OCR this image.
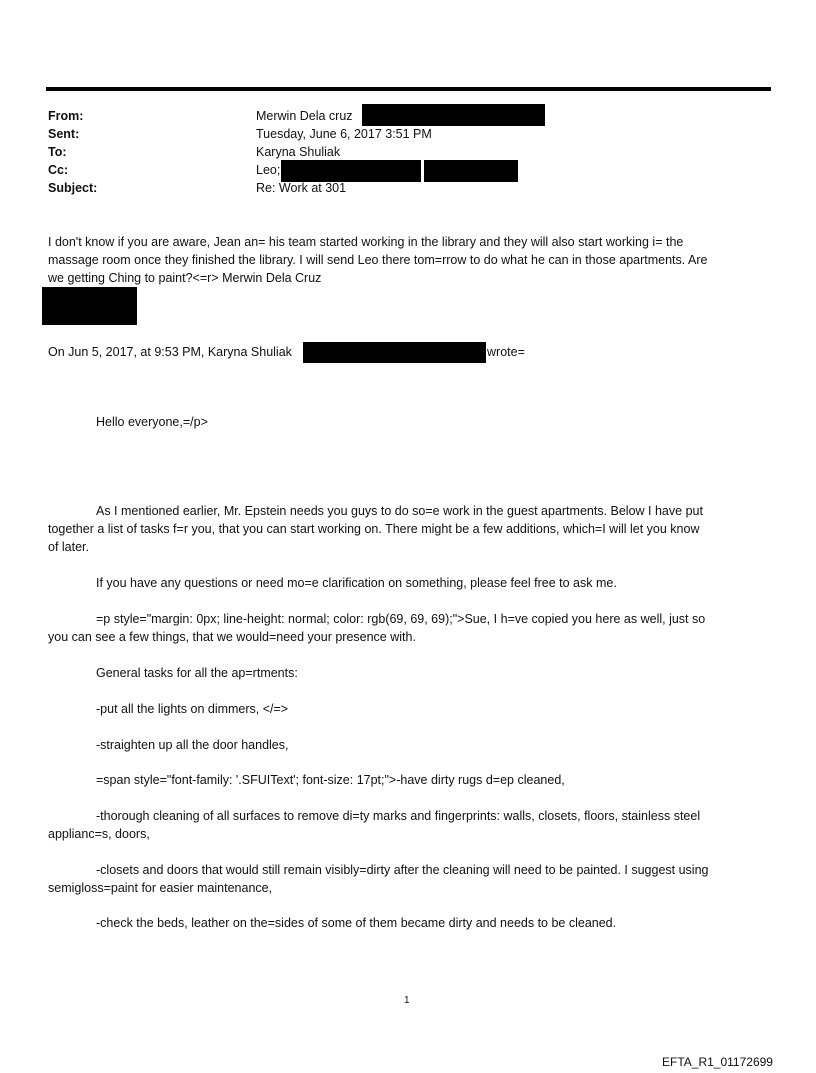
From:	Merwin Dela cruz
Sent:	Tuesday, June 6, 2017 3:51 PM
To:	Karyna Shuliak
Cc:	Leo;
Subject:	Re: Work at 301
I don't know if you are aware, Jean an= his team started working in the library and they will also start working i= the
massage room once they finished the library. I will send Leo there tom=rrow to do what he can in those apartments. Are
we getting Ching to paint?<=r> Merwin Dela Cruz
On Jun 5, 2017, at 9:53 PM, Karyna Shuliak	wrote=
Hello everyone,=/p>
As I mentioned earlier, Mr. Epstein needs you guys to do so=e work in the guest apartments. Below I have put
together a list of tasks f=r you, that you can start working on. There might be a few additions, which=I will let you know
of later.
If you have any questions or need mo=e clarification on something, please feel free to ask me.
=p style="margin: 0px; line-height: normal; color: rgb(69, 69, 69);">Sue, I h=ve copied you here as well, just so
you can see a few things, that we would=need your presence with.
General tasks for all the ap=rtments:
-put all the lights on dimmers, </=>
-straighten up all the door handles,
=span style="font-family: '.SFUIText'; font-size: 17pt;">-have dirty rugs d=ep cleaned,
-thorough cleaning of all surfaces to remove di=ty marks and fingerprints: walls, closets, floors, stainless steel
applianc=s, doors,
-closets and doors that would still remain visibly=dirty after the cleaning will need to be painted. I suggest using
semigloss=paint for easier maintenance,
-check the beds, leather on the=sides of some of them became dirty and needs to be cleaned.
1
EFTA_R1_01172699
